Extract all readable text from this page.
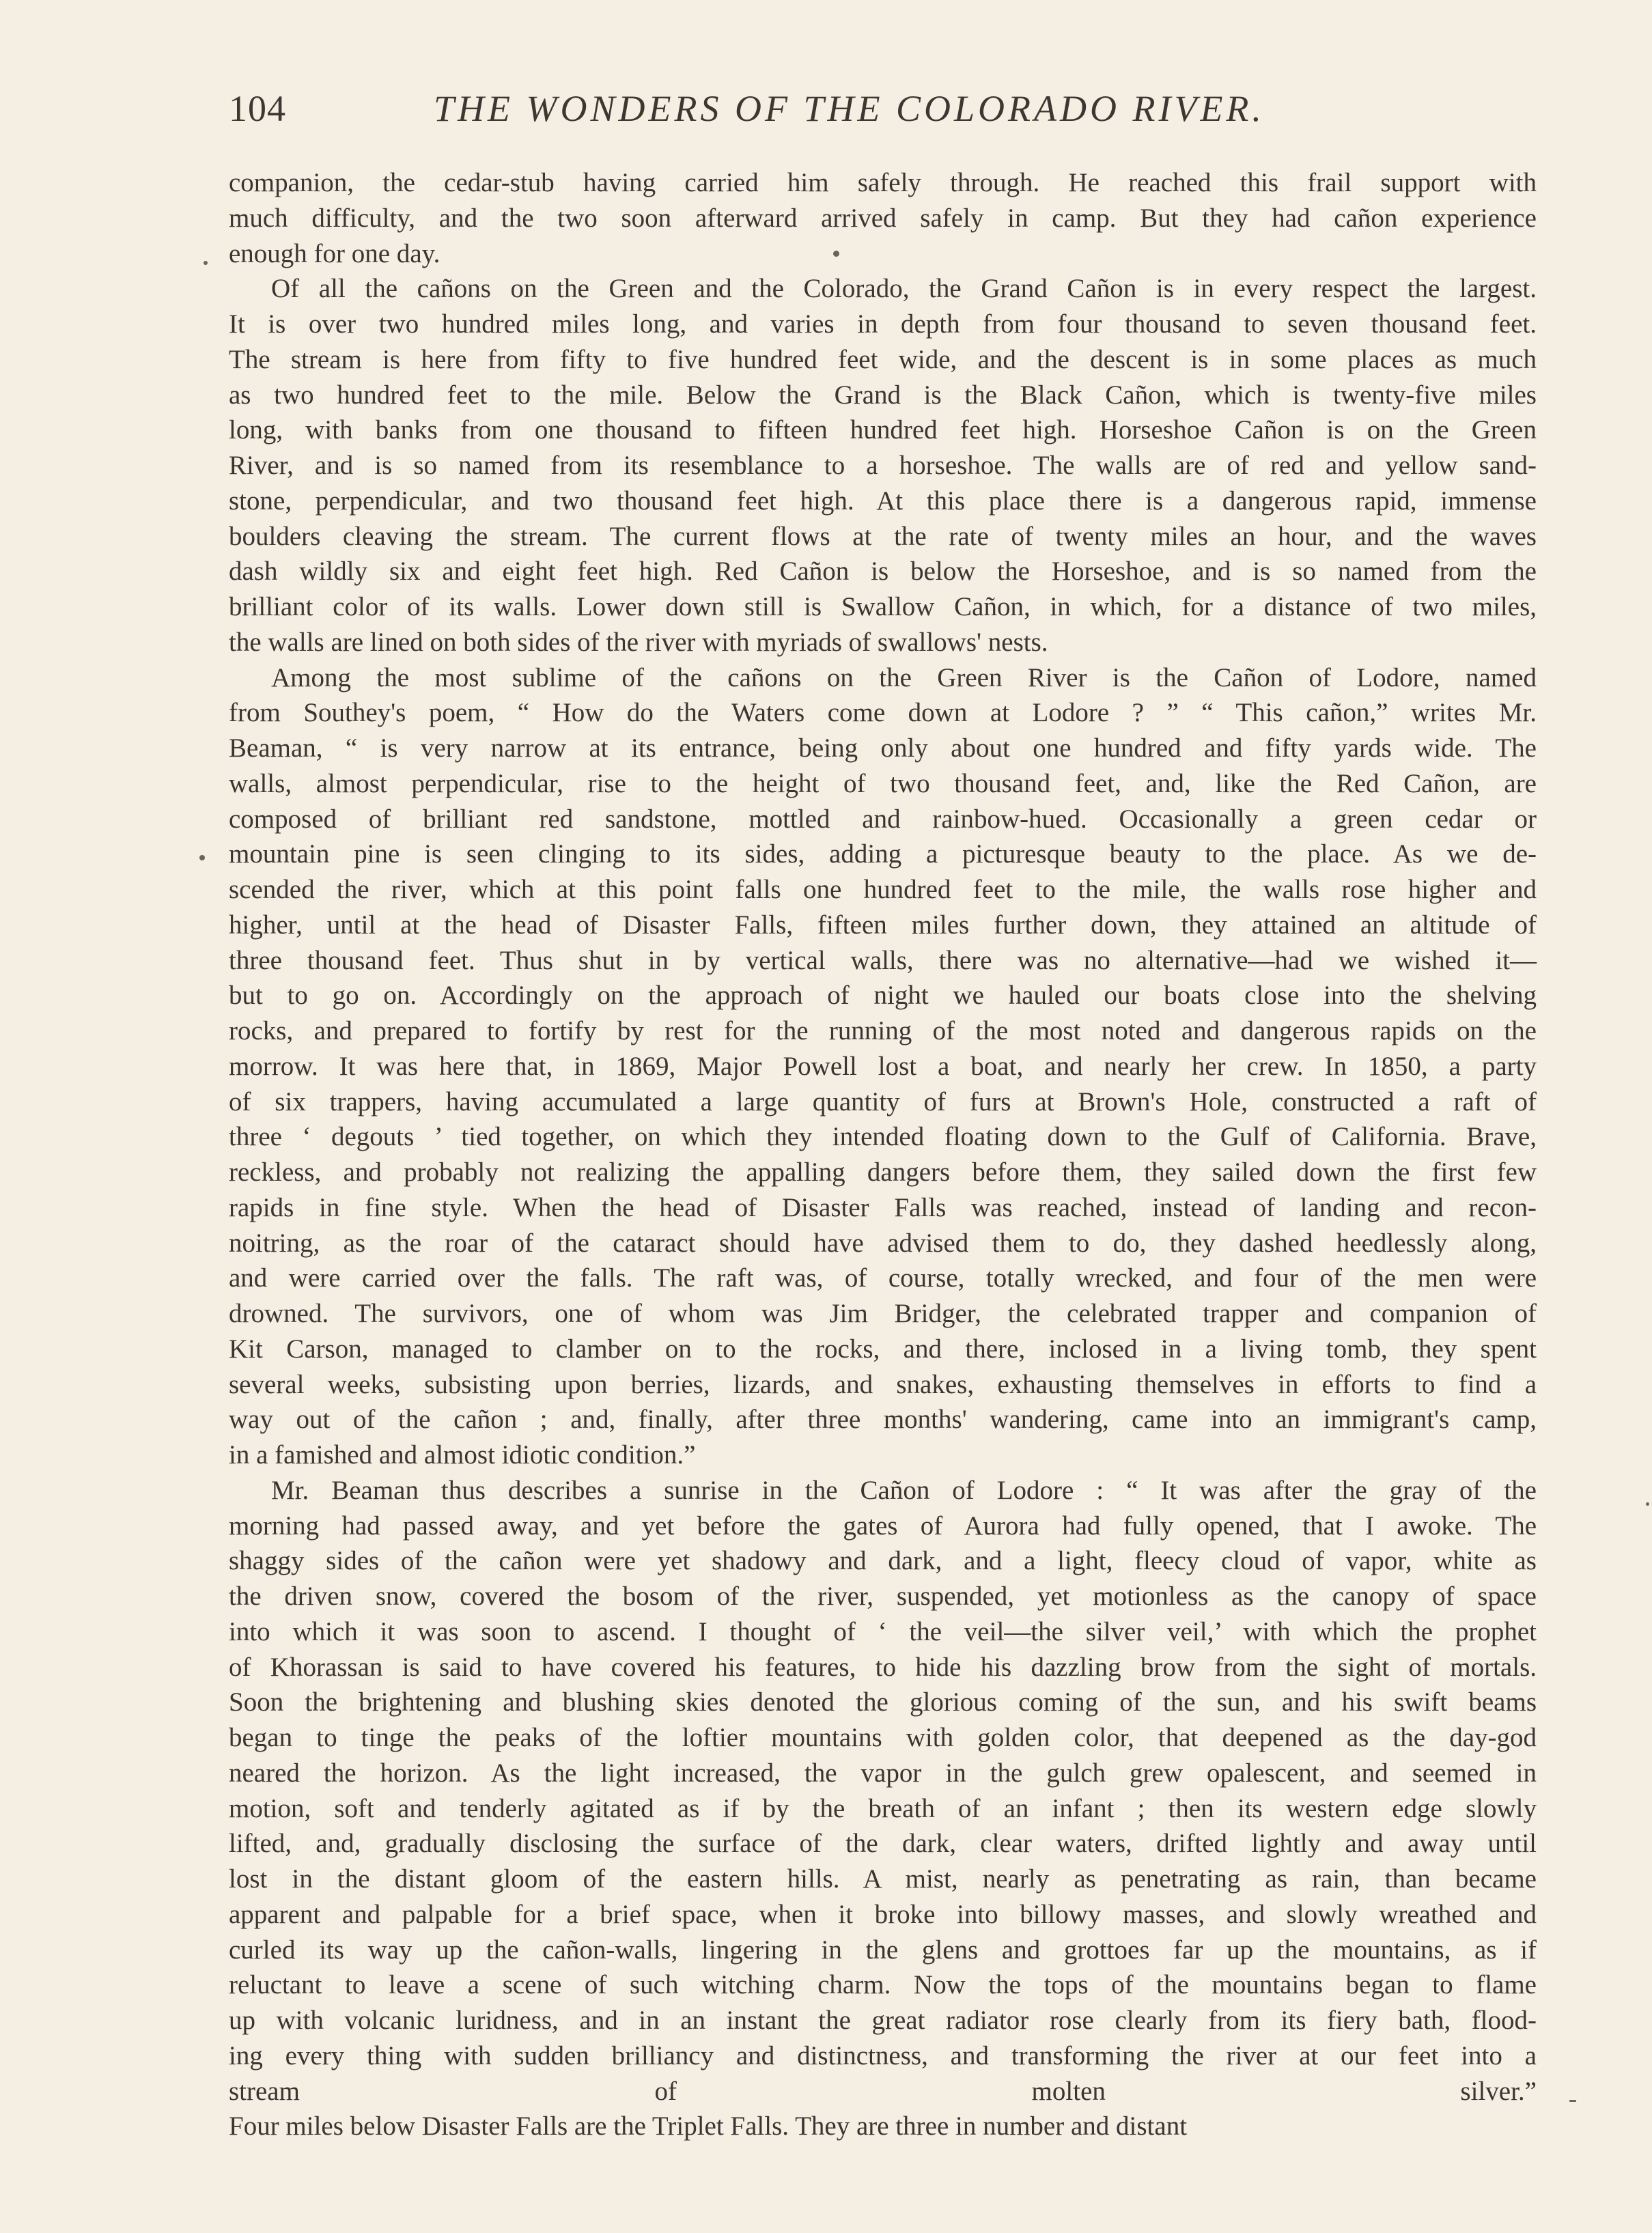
104	THE WONDERS OF THE COLORADO RIVER.
companion, the cedar-stub having carried him safely through. He reached this frail support with
much difficulty, and the two soon afterward arrived safely in camp. But they had cañon experience
enough for one day.
Of all the cañons on the Green and the Colorado, the Grand Cañon is in every respect the largest.
It is over two hundred miles long, and varies in depth from four thousand to seven thousand feet.
The stream is here from fifty to five hundred feet wide, and the descent is in some places as much
as two hundred feet to the mile. Below the Grand is the Black Cañon, which is twenty-five miles
long, with banks from one thousand to fifteen hundred feet high. Horseshoe Cañon is on the Green
River, and is so named from its resemblance to a horseshoe. The walls are of red and yellow sand-
stone, perpendicular, and two thousand feet high. At this place there is a dangerous rapid, immense
boulders cleaving the stream. The current flows at the rate of twenty miles an hour, and the waves
dash wildly six and eight feet high. Red Cañon is below the Horseshoe, and is so named from the
brilliant color of its walls. Lower down still is Swallow Cañon, in which, for a distance of two miles,
the walls are lined on both sides of the river with myriads of swallows' nests.
Among the most sublime of the cañons on the Green River is the Cañon of Lodore, named
from Southey's poem, “ How do the Waters come down at Lodore ? ” “ This cañon,” writes Mr.
Beaman, “ is very narrow at its entrance, being only about one hundred and fifty yards wide. The
walls, almost perpendicular, rise to the height of two thousand feet, and, like the Red Cañon, are
composed of brilliant red sandstone, mottled and rainbow-hued. Occasionally a green cedar or
mountain pine is seen clinging to its sides, adding a picturesque beauty to the place. As we de-
scended the river, which at this point falls one hundred feet to the mile, the walls rose higher and
higher, until at the head of Disaster Falls, fifteen miles further down, they attained an altitude of
three thousand feet. Thus shut in by vertical walls, there was no alternative—had we wished it—
but to go on. Accordingly on the approach of night we hauled our boats close into the shelving
rocks, and prepared to fortify by rest for the running of the most noted and dangerous rapids on the
morrow. It was here that, in 1869, Major Powell lost a boat, and nearly her crew. In 1850, a party
of six trappers, having accumulated a large quantity of furs at Brown's Hole, constructed a raft of
three ‘ degouts ’ tied together, on which they intended floating down to the Gulf of California. Brave,
reckless, and probably not realizing the appalling dangers before them, they sailed down the first few
rapids in fine style. When the head of Disaster Falls was reached, instead of landing and recon-
noitring, as the roar of the cataract should have advised them to do, they dashed heedlessly along,
and were carried over the falls. The raft was, of course, totally wrecked, and four of the men were
drowned. The survivors, one of whom was Jim Bridger, the celebrated trapper and companion of
Kit Carson, managed to clamber on to the rocks, and there, inclosed in a living tomb, they spent
several weeks, subsisting upon berries, lizards, and snakes, exhausting themselves in efforts to find a
way out of the cañon ; and, finally, after three months' wandering, came into an immigrant's camp,
in a famished and almost idiotic condition.”
Mr. Beaman thus describes a sunrise in the Cañon of Lodore : “ It was after the gray of the
morning had passed away, and yet before the gates of Aurora had fully opened, that I awoke. The
shaggy sides of the cañon were yet shadowy and dark, and a light, fleecy cloud of vapor, white as
the driven snow, covered the bosom of the river, suspended, yet motionless as the canopy of space
into which it was soon to ascend. I thought of ‘ the veil—the silver veil,’ with which the prophet
of Khorassan is said to have covered his features, to hide his dazzling brow from the sight of mortals.
Soon the brightening and blushing skies denoted the glorious coming of the sun, and his swift beams
began to tinge the peaks of the loftier mountains with golden color, that deepened as the day-god
neared the horizon. As the light increased, the vapor in the gulch grew opalescent, and seemed in
motion, soft and tenderly agitated as if by the breath of an infant ; then its western edge slowly
lifted, and, gradually disclosing the surface of the dark, clear waters, drifted lightly and away until
lost in the distant gloom of the eastern hills. A mist, nearly as penetrating as rain, than became
apparent and palpable for a brief space, when it broke into billowy masses, and slowly wreathed and
curled its way up the cañon-walls, lingering in the glens and grottoes far up the mountains, as if
reluctant to leave a scene of such witching charm. Now the tops of the mountains began to flame
up with volcanic luridness, and in an instant the great radiator rose clearly from its fiery bath, flood-
ing every thing with sudden brilliancy and distinctness, and transforming the river at our feet into a
stream of molten silver.”
Four miles below Disaster Falls are the Triplet Falls. They are three in number and distant
